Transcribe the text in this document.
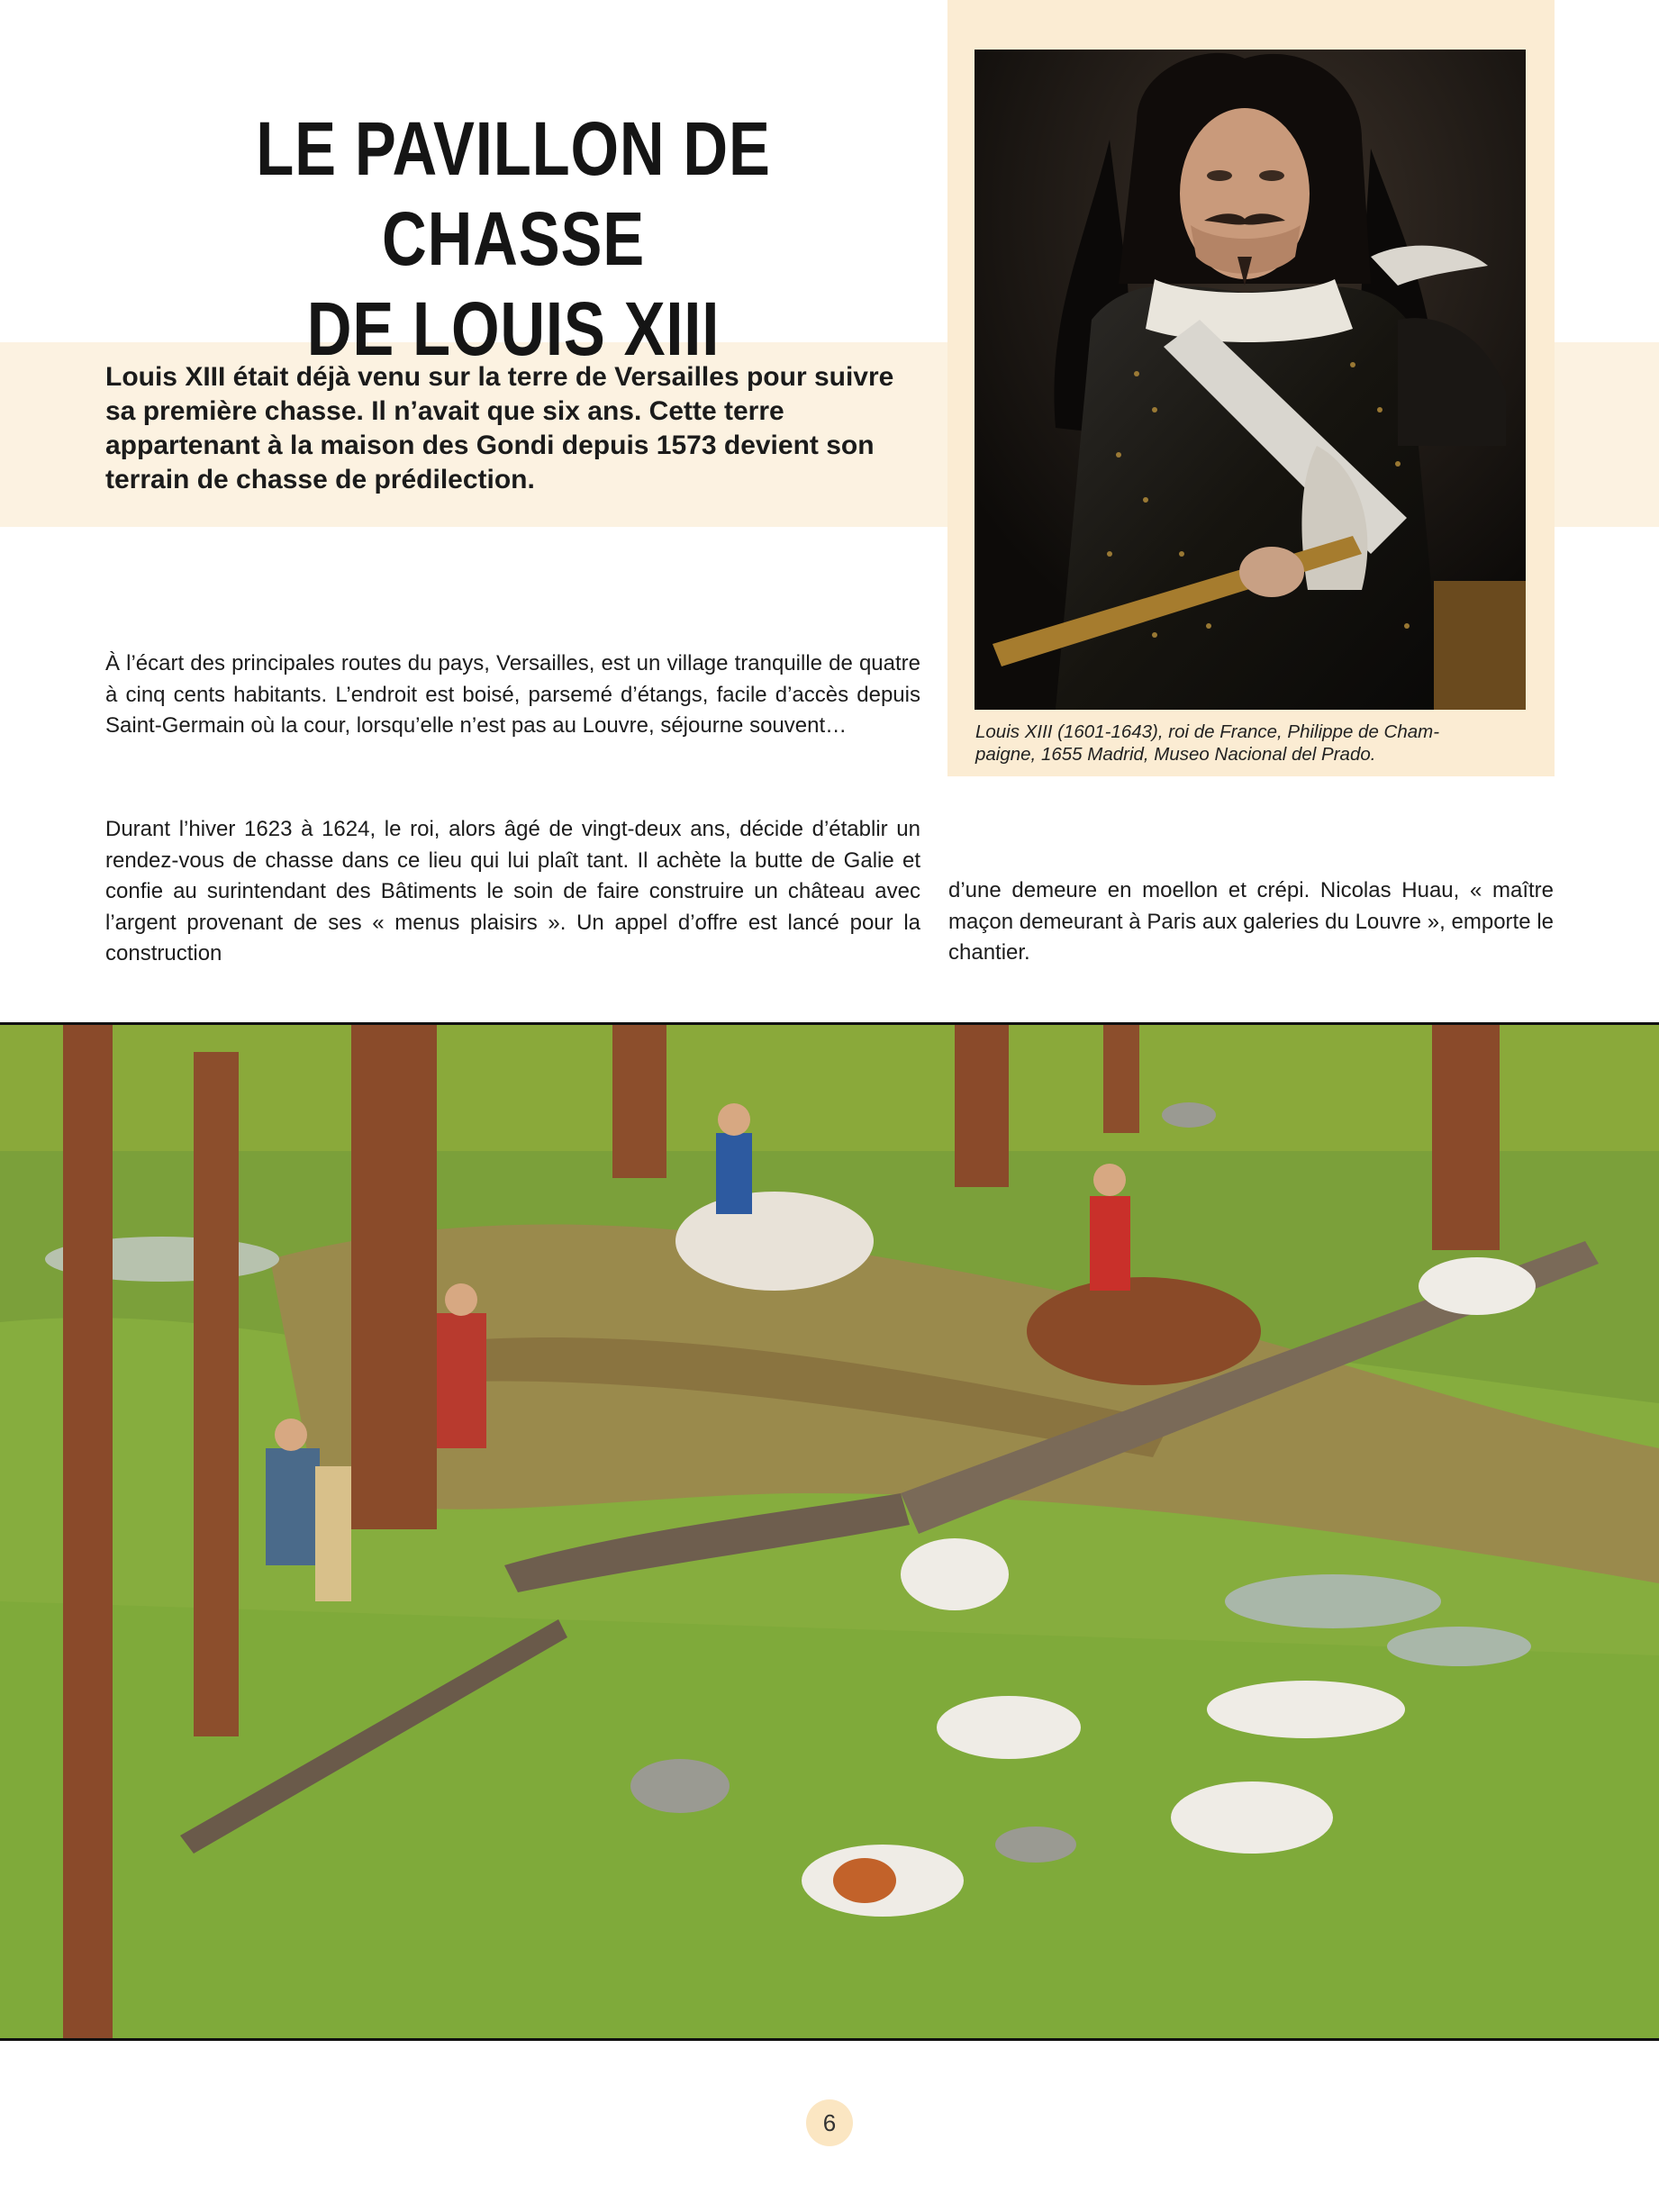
LE PAVILLON DE CHASSE
DE LOUIS XIII

Louis XIII (1601-1643), roi de France, Philippe de Cham-
paigne, 1655 Madrid, Museo Nacional del Prado.

Louis XIII était déjà venu sur la terre de Versailles pour suivre sa première chasse. Il n’avait que six ans. Cette terre appartenant à la maison des Gondi depuis 1573 devient son terrain de chasse de prédilection.

À l’écart des principales routes du pays, Versailles, est un village tranquille de quatre à cinq cents habitants. L’endroit est boisé, parsemé d’étangs, facile d’accès depuis Saint-Germain où la cour, lorsqu’elle n’est pas au Louvre, séjourne souvent…

Durant l’hiver 1623 à 1624, le roi, alors âgé de vingt-deux ans, décide d’établir un rendez-vous de chasse dans ce lieu qui lui plaît tant. Il achète la butte de Galie et confie au surintendant des Bâtiments le soin de faire construire un château avec l’argent provenant de ses « menus plaisirs ». Un appel d’offre est lancé pour la construction

d’une demeure en moellon et crépi. Nicolas Huau, « maître maçon demeurant à Paris aux galeries du Louvre », emporte le chantier.

6
